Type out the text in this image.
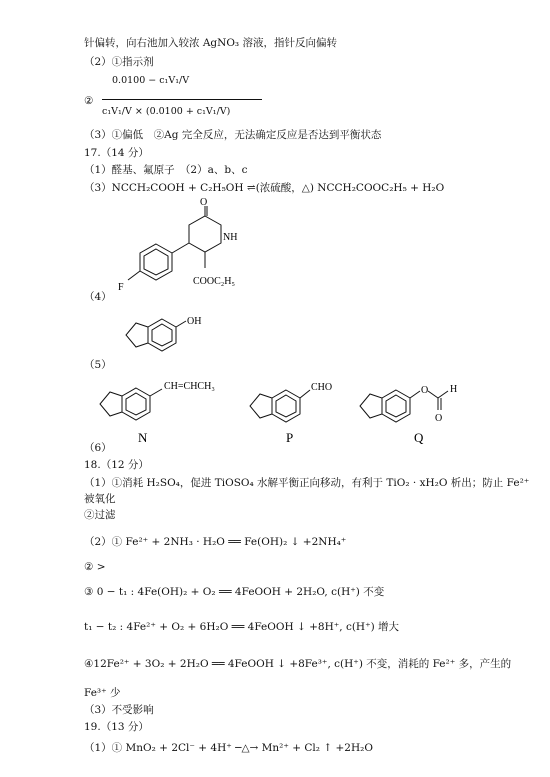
针偏转，向右池加入较浓 AgNO₃ 溶液，指针反向偏转
（2）①指示剂
②
0.0100 − c₁V₁/V
c₁V₁/V × (0.0100 + c₁V₁/V)
（3）①偏低　②Ag 完全反应，无法确定反应是否达到平衡状态
17.（14 分）
（1）醛基、氟原子　（2）a、b、c
（3）NCCH₂COOH + C₂H₅OH ⇌(浓硫酸，△) NCCH₂COOC₂H₅ + H₂O
O
NH
F
COOC₂H₅
（4）
OH
（5）
CH=CHCH₃	CHO	O H
O
N	P	Q
（6）
18.（12 分）
（1）①消耗 H₂SO₄，促进 TiOSO₄ 水解平衡正向移动，有利于 TiO₂ · xH₂O 析出；防止 Fe²⁺
被氧化
②过滤
（2）① Fe²⁺ + 2NH₃ · H₂O ══ Fe(OH)₂ ↓ +2NH₄⁺
② >
③ 0 − t₁ : 4Fe(OH)₂ + O₂ ══ 4FeOOH + 2H₂O, c(H⁺) 不变
t₁ − t₂ : 4Fe²⁺ + O₂ + 6H₂O ══ 4FeOOH ↓ +8H⁺, c(H⁺) 增大
④12Fe²⁺ + 3O₂ + 2H₂O ══ 4FeOOH ↓ +8Fe³⁺, c(H⁺) 不变，消耗的 Fe²⁺ 多，产生的
Fe³⁺ 少
（3）不受影响
19.（13 分）
（1）① MnO₂ + 2Cl⁻ + 4H⁺ ─△→ Mn²⁺ + Cl₂ ↑ +2H₂O
